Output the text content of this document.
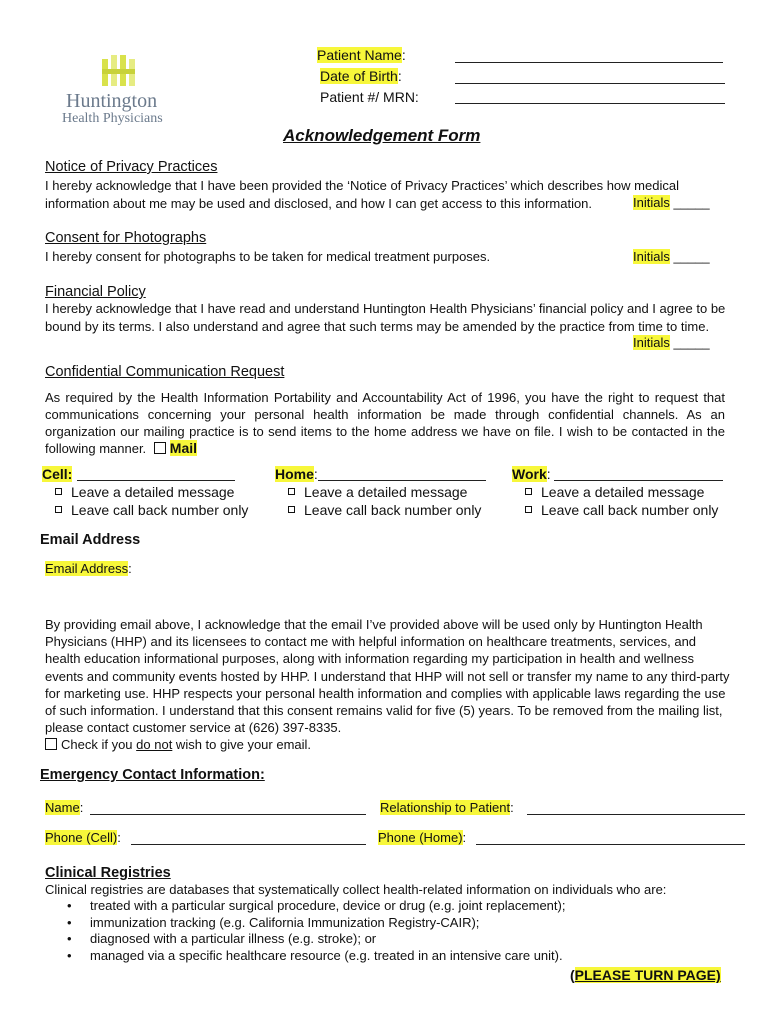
Huntington
Health Physicians
Patient Name:
Date of Birth:
Patient #/ MRN:
Acknowledgement Form
Notice of Privacy Practices
I hereby acknowledge that I have been provided the ‘Notice of Privacy Practices’ which describes how medical information about me may be used and disclosed, and how I can get access to this information.	Initials _____
Consent for Photographs
I hereby consent for photographs to be taken for medical treatment purposes.	Initials _____
Financial Policy
I hereby acknowledge that I have read and understand Huntington Health Physicians’ financial policy and I agree to be bound by its terms. I also understand and agree that such terms may be amended by the practice from time to time.
Initials _____
Confidential Communication Request
As required by the Health Information Portability and Accountability Act of 1996, you have the right to request that communications concerning your personal health information be made through confidential channels. As an organization our mailing practice is to send items to the home address we have on file. I wish to be contacted in the following manner. Mail
Cell:
Leave a detailed message
Leave call back number only
Home:
Leave a detailed message
Leave call back number only
Work:
Leave a detailed message
Leave call back number only
Email Address
Email Address:
By providing email above, I acknowledge that the email I’ve provided above will be used only by Huntington Health Physicians (HHP) and its licensees to contact me with helpful information on healthcare treatments, services, and health education informational purposes, along with information regarding my participation in health and wellness events and community events hosted by HHP. I understand that HHP will not sell or transfer my name to any third-party for marketing use. HHP respects your personal health information and complies with applicable laws regarding the use of such information. I understand that this consent remains valid for five (5) years. To be removed from the mailing list, please contact customer service at (626) 397-8335.
Check if you do not wish to give your email.
Emergency Contact Information:
Name:	Relationship to Patient:
Phone (Cell):	Phone (Home):
Clinical Registries
Clinical registries are databases that systematically collect health-related information on individuals who are:
• treated with a particular surgical procedure, device or drug (e.g. joint replacement);
• immunization tracking (e.g. California Immunization Registry-CAIR);
• diagnosed with a particular illness (e.g. stroke); or
• managed via a specific healthcare resource (e.g. treated in an intensive care unit).
(PLEASE TURN PAGE)
